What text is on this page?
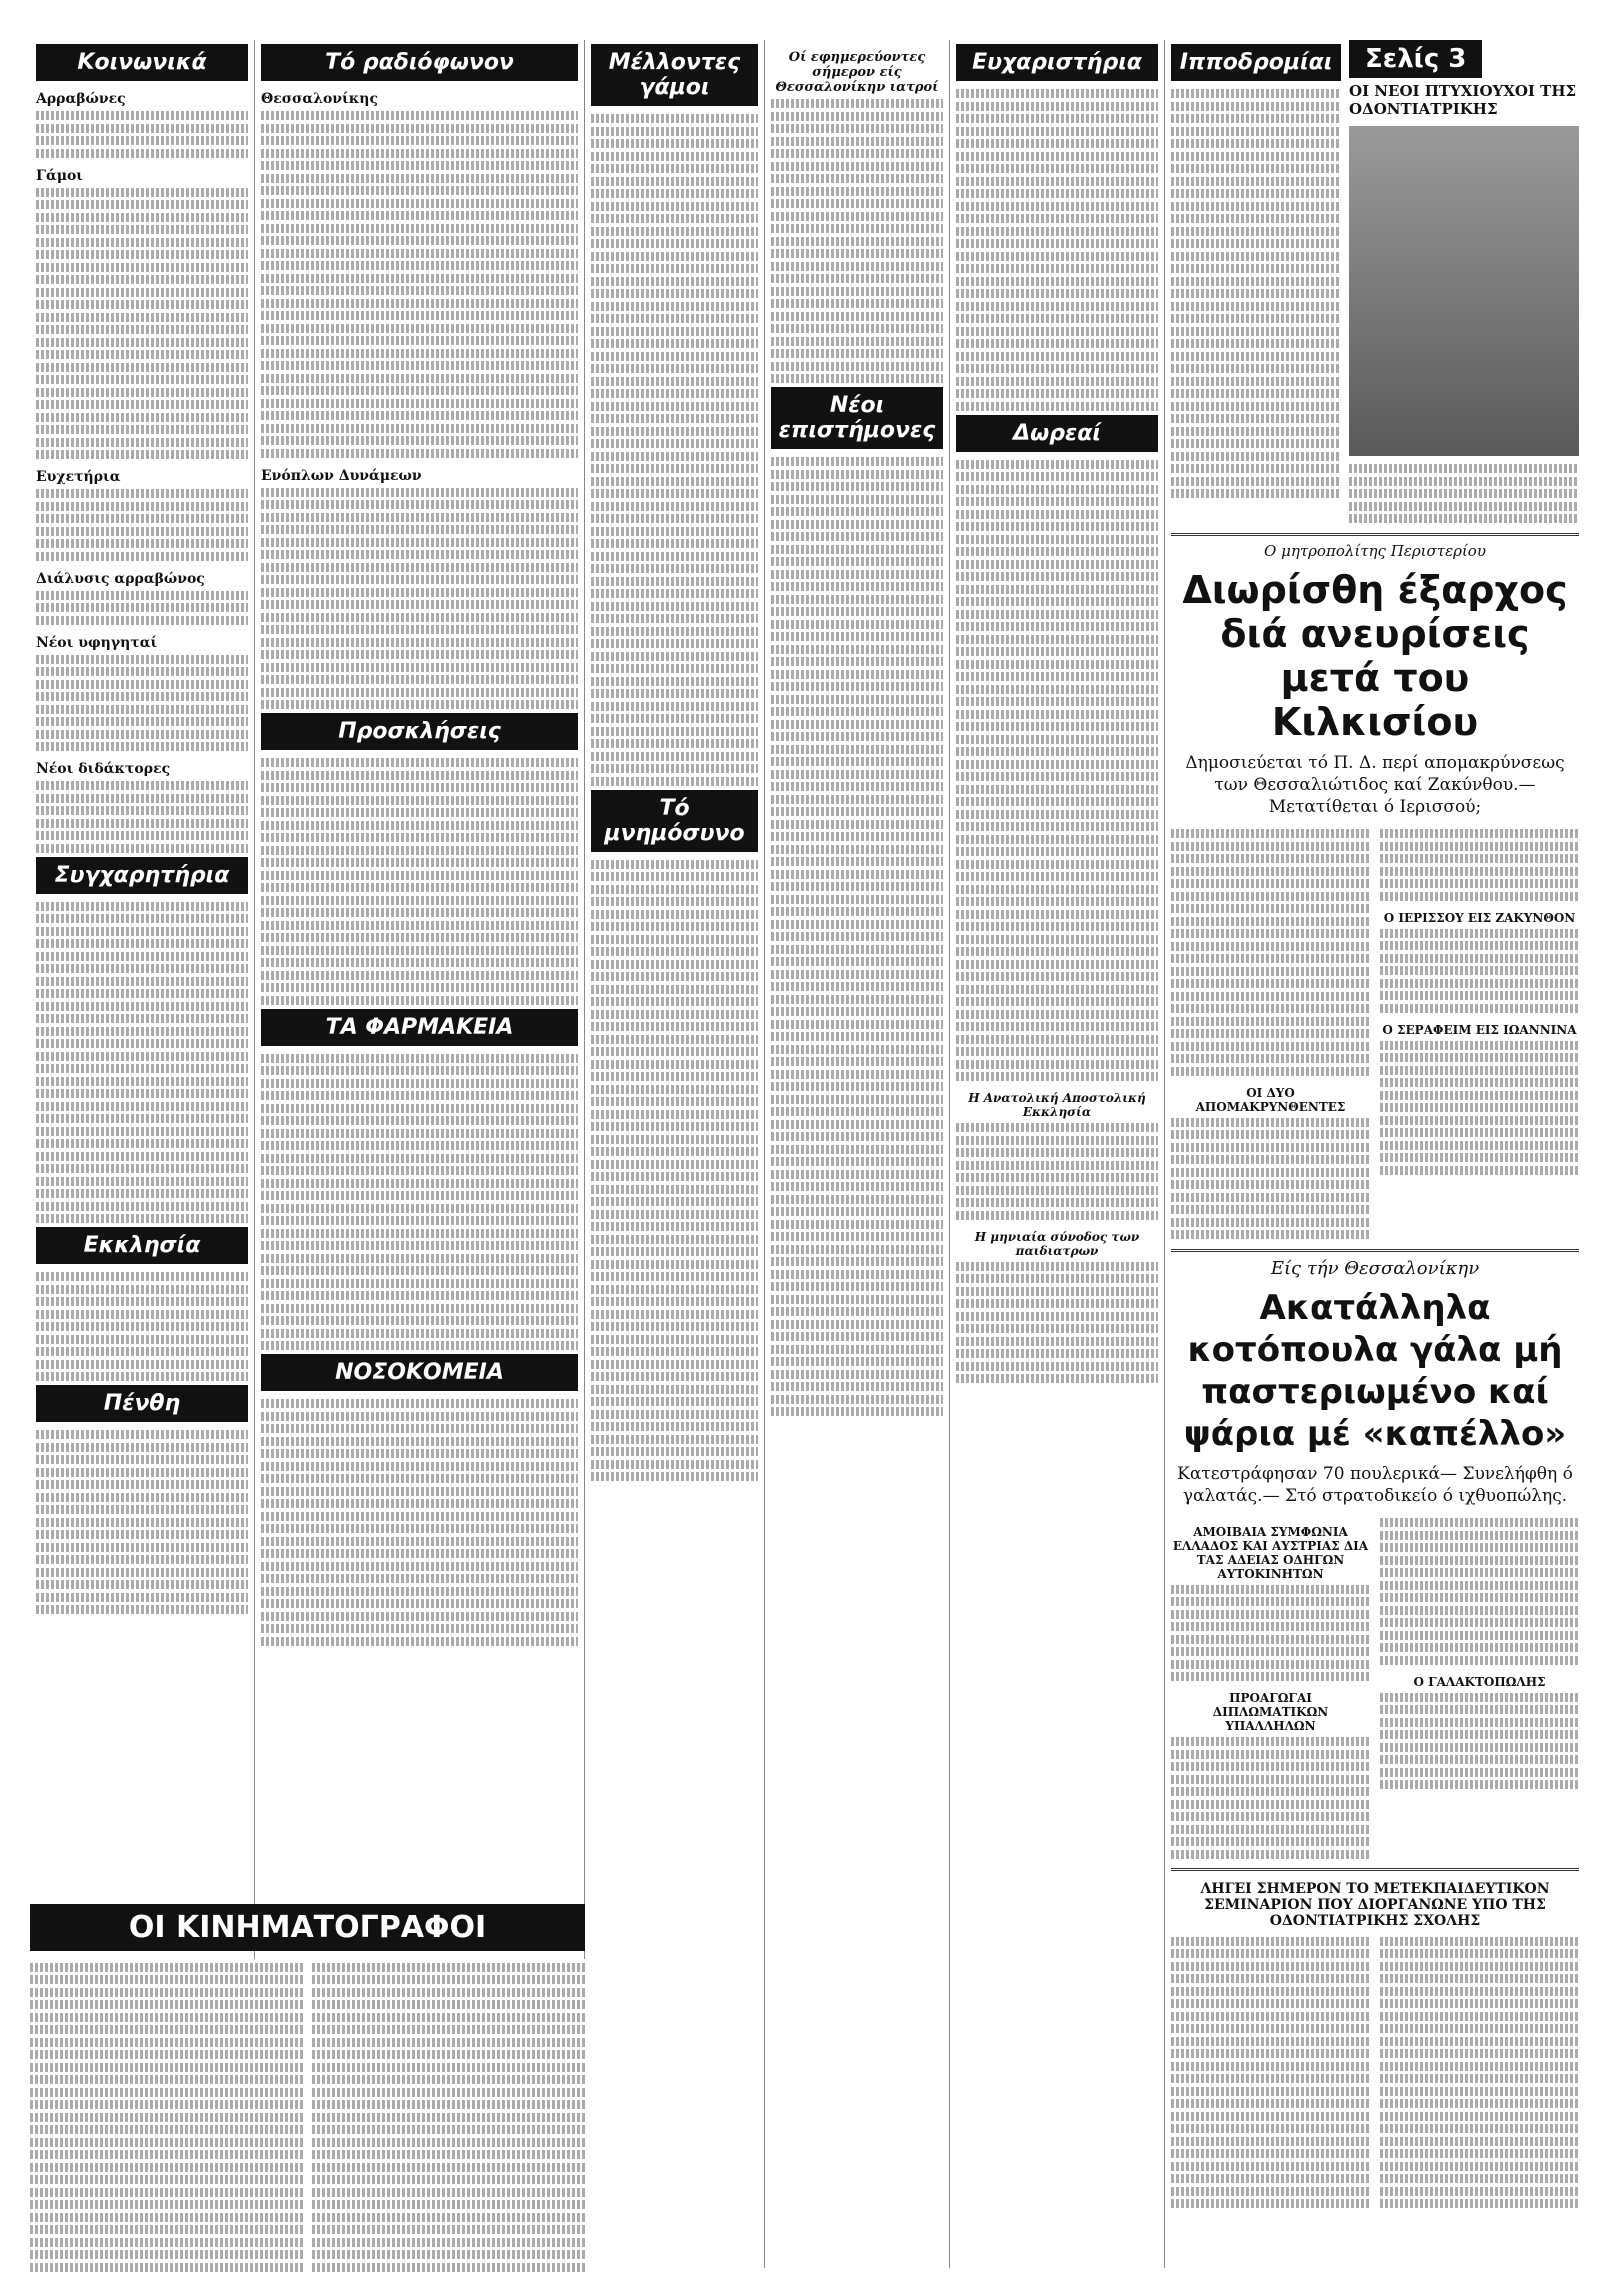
Κοινωνικά
Αρραβώνες
Γάμοι
Ευχετήρια
Διάλυσις αρραβώνος
Νέοι υφηγηταί
Νέοι διδάκτορες
Συγχαρητήρια
Εκκλησία
Πένθη
Τό ραδιόφωνον
Θεσσαλονίκης
Ενόπλων Δυνάμεων
Προσκλήσεις
ΤΑ ΦΑΡΜΑΚΕΙΑ
ΝΟΣΟΚΟΜΕΙΑ
Μέλλοντες γάμοι
Τό μνημόσυνο
Οί εφημερεύοντες σήμερον είς Θεσσαλονίκην ιατροί
Νέοι επιστήμονες
Ευχαριστήρια
Δωρεαί
Η Ανατολική Αποστολική Εκκλησία
Η μηνιαία σύνοδος των παιδιατρων
Ιπποδρομίαι	Σελίς 3
ΟΙ ΝΕΟΙ ΠΤΥΧΙΟΥΧΟΙ ΤΗΣ ΟΔΟΝΤΙΑΤΡΙΚΗΣ
Ο μητροπολίτης Περιστερίου
Διωρίσθη έξαρχος διά ανευρίσεις μετά του Κιλκισίου
Δημοσιεύεται τό Π. Δ. περί απομακρύνσεως των Θεσσαλιώτιδος καί Ζακύνθου.—Μετατίθεται ό Ιερισσού;
ΟΙ ΔΥΟ ΑΠΟΜΑΚΡΥΝΘΕΝΤΕΣ
Ο ΙΕΡΙΣΣΟΥ ΕΙΣ ΖΑΚΥΝΘΟΝ
Ο ΣΕΡΑΦΕΙΜ ΕΙΣ ΙΩΑΝΝΙΝΑ
Είς τήν Θεσσαλονίκην
Ακατάλληλα κοτόπουλα γάλα μή παστεριωμένο καί ψάρια μέ «καπέλλο»
Κατεστράφησαν 70 πουλερικά— Συνελήφθη ό γαλατάς.— Στό στρατοδικείο ό ιχθυοπώλης.
ΑΜΟΙΒΑΙΑ ΣΥΜΦΩΝΙΑ ΕΛΛΑΔΟΣ ΚΑΙ ΑΥΣΤΡΙΑΣ ΔΙΑ ΤΑΣ ΑΔΕΙΑΣ ΟΔΗΓΩΝ ΑΥΤΟΚΙΝΗΤΩΝ
ΠΡΟΑΓΩΓΑΙ ΔΙΠΛΩΜΑΤΙΚΩΝ ΥΠΑΛΛΗΛΩΝ
Ο ΓΑΛΑΚΤΟΠΩΛΗΣ
ΛΗΓΕΙ ΣΗΜΕΡΟΝ ΤΟ ΜΕΤΕΚΠΑΙΔΕΥΤΙΚΟΝ ΣΕΜΙΝΑΡΙΟΝ ΠΟΥ ΔΙΟΡΓΑΝΩΝΕ ΥΠΟ ΤΗΣ ΟΔΟΝΤΙΑΤΡΙΚΗΣ ΣΧΟΛΗΣ
ΟΙ ΚΙΝΗΜΑΤΟΓΡΑΦΟΙ
